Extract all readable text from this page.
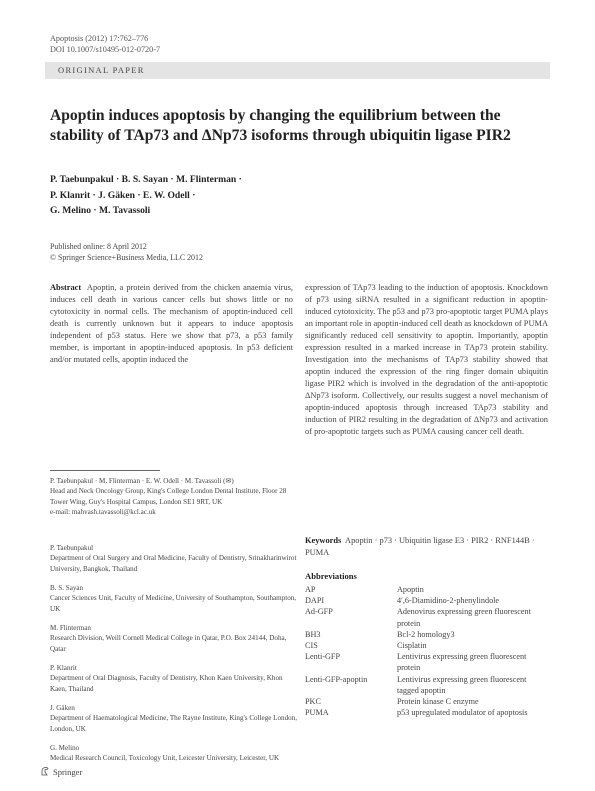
Apoptosis (2012) 17:762–776
DOI 10.1007/s10495-012-0720-7
ORIGINAL PAPER
Apoptin induces apoptosis by changing the equilibrium between the stability of TAp73 and ΔNp73 isoforms through ubiquitin ligase PIR2
P. Taebunpakul · B. S. Sayan · M. Flinterman ·
P. Klanrit · J. Gäken · E. W. Odell ·
G. Melino · M. Tavassoli
Published online: 8 April 2012
© Springer Science+Business Media, LLC 2012
Abstract Apoptin, a protein derived from the chicken anaemia virus, induces cell death in various cancer cells but shows little or no cytotoxicity in normal cells. The mechanism of apoptin-induced cell death is currently unknown but it appears to induce apoptosis independent of p53 status. Here we show that p73, a p53 family member, is important in apoptin-induced apoptosis. In p53 deficient and/or mutated cells, apoptin induced the
expression of TAp73 leading to the induction of apoptosis. Knockdown of p73 using siRNA resulted in a significant reduction in apoptin-induced cytotoxicity. The p53 and p73 pro-apoptotic target PUMA plays an important role in apoptin-induced cell death as knockdown of PUMA significantly reduced cell sensitivity to apoptin. Importantly, apoptin expression resulted in a marked increase in TAp73 protein stability. Investigation into the mechanisms of TAp73 stability showed that apoptin induced the expression of the ring finger domain ubiquitin ligase PIR2 which is involved in the degradation of the anti-apoptotic ΔNp73 isoform. Collectively, our results suggest a novel mechanism of apoptin-induced apoptosis through increased TAp73 stability and induction of PIR2 resulting in the degradation of ΔNp73 and activation of pro-apoptotic targets such as PUMA causing cancer cell death.
P. Taebunpakul · M. Flinterman · E. W. Odell · M. Tavassoli (✉)
Head and Neck Oncology Group, King's College London Dental Institute, Floor 28 Tower Wing, Guy's Hospital Campus, London SE1 9RT, UK
e-mail: mahvash.tavassoli@kcl.ac.uk
P. Taebunpakul
Department of Oral Surgery and Oral Medicine, Faculty of Dentistry, Srinakharinwirot University, Bangkok, Thailand
B. S. Sayan
Cancer Sciences Unit, Faculty of Medicine, University of Southampton, Southampton, UK
M. Flinterman
Research Division, Weill Cornell Medical College in Qatar, P.O. Box 24144, Doha, Qatar
P. Klanrit
Department of Oral Diagnosis, Faculty of Dentistry, Khon Kaen University, Khon Kaen, Thailand
J. Gäken
Department of Haematological Medicine, The Rayne Institute, King's College London, London, UK
G. Melino
Medical Research Council, Toxicology Unit, Leicester University, Leicester, UK
Keywords Apoptin · p73 · Ubiquitin ligase E3 · PIR2 · RNF144B · PUMA
Abbreviations
AP	Apoptin
DAPI	4′,6-Diamidino-2-phenylindole
Ad-GFP	Adenovirus expressing green fluorescent protein
BH3	Bcl-2 homology3
CIS	Cisplatin
Lenti-GFP	Lentivirus expressing green fluorescent protein
Lenti-GFP-apoptin	Lentivirus expressing green fluorescent tagged apoptin
PKC	Protein kinase C enzyme
PUMA	p53 upregulated modulator of apoptosis
Springer
